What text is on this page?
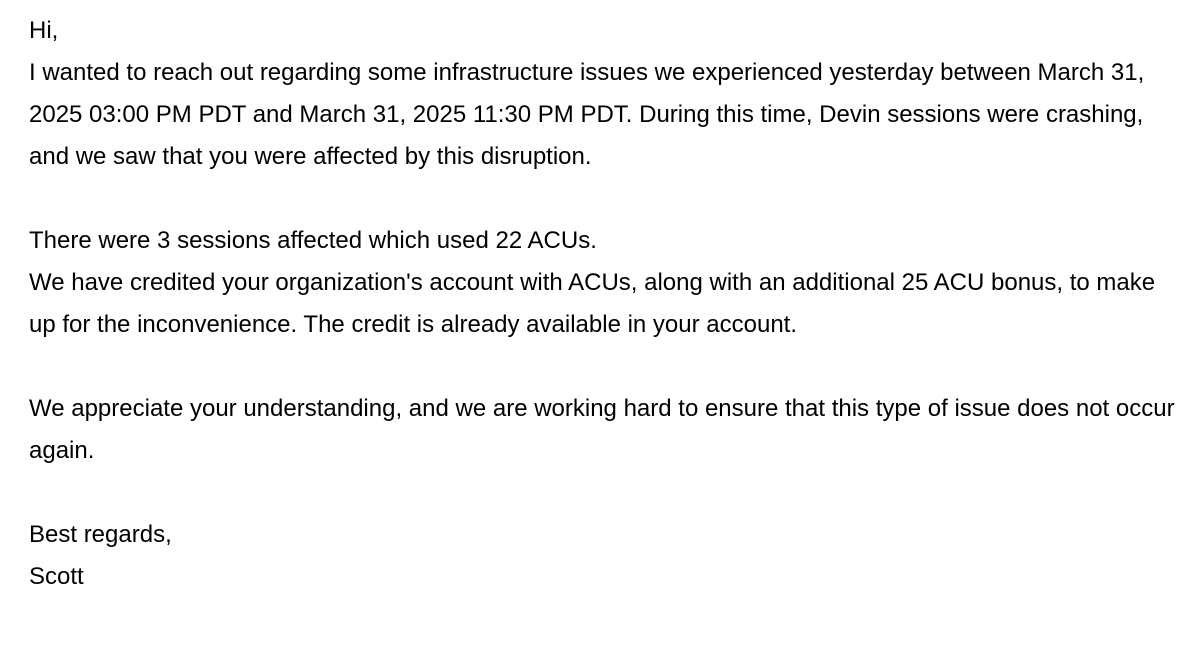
Hi,

I wanted to reach out regarding some infrastructure issues we experienced yesterday between March 31, 2025 03:00 PM PDT and March 31, 2025 11:30 PM PDT. During this time, Devin sessions were crashing, and we saw that you were affected by this disruption.

There were 3 sessions affected which used 22 ACUs.

We have credited your organization's account with ACUs, along with an additional 25 ACU bonus, to make up for the inconvenience. The credit is already available in your account.

We appreciate your understanding, and we are working hard to ensure that this type of issue does not occur again.

Best regards,

Scott
